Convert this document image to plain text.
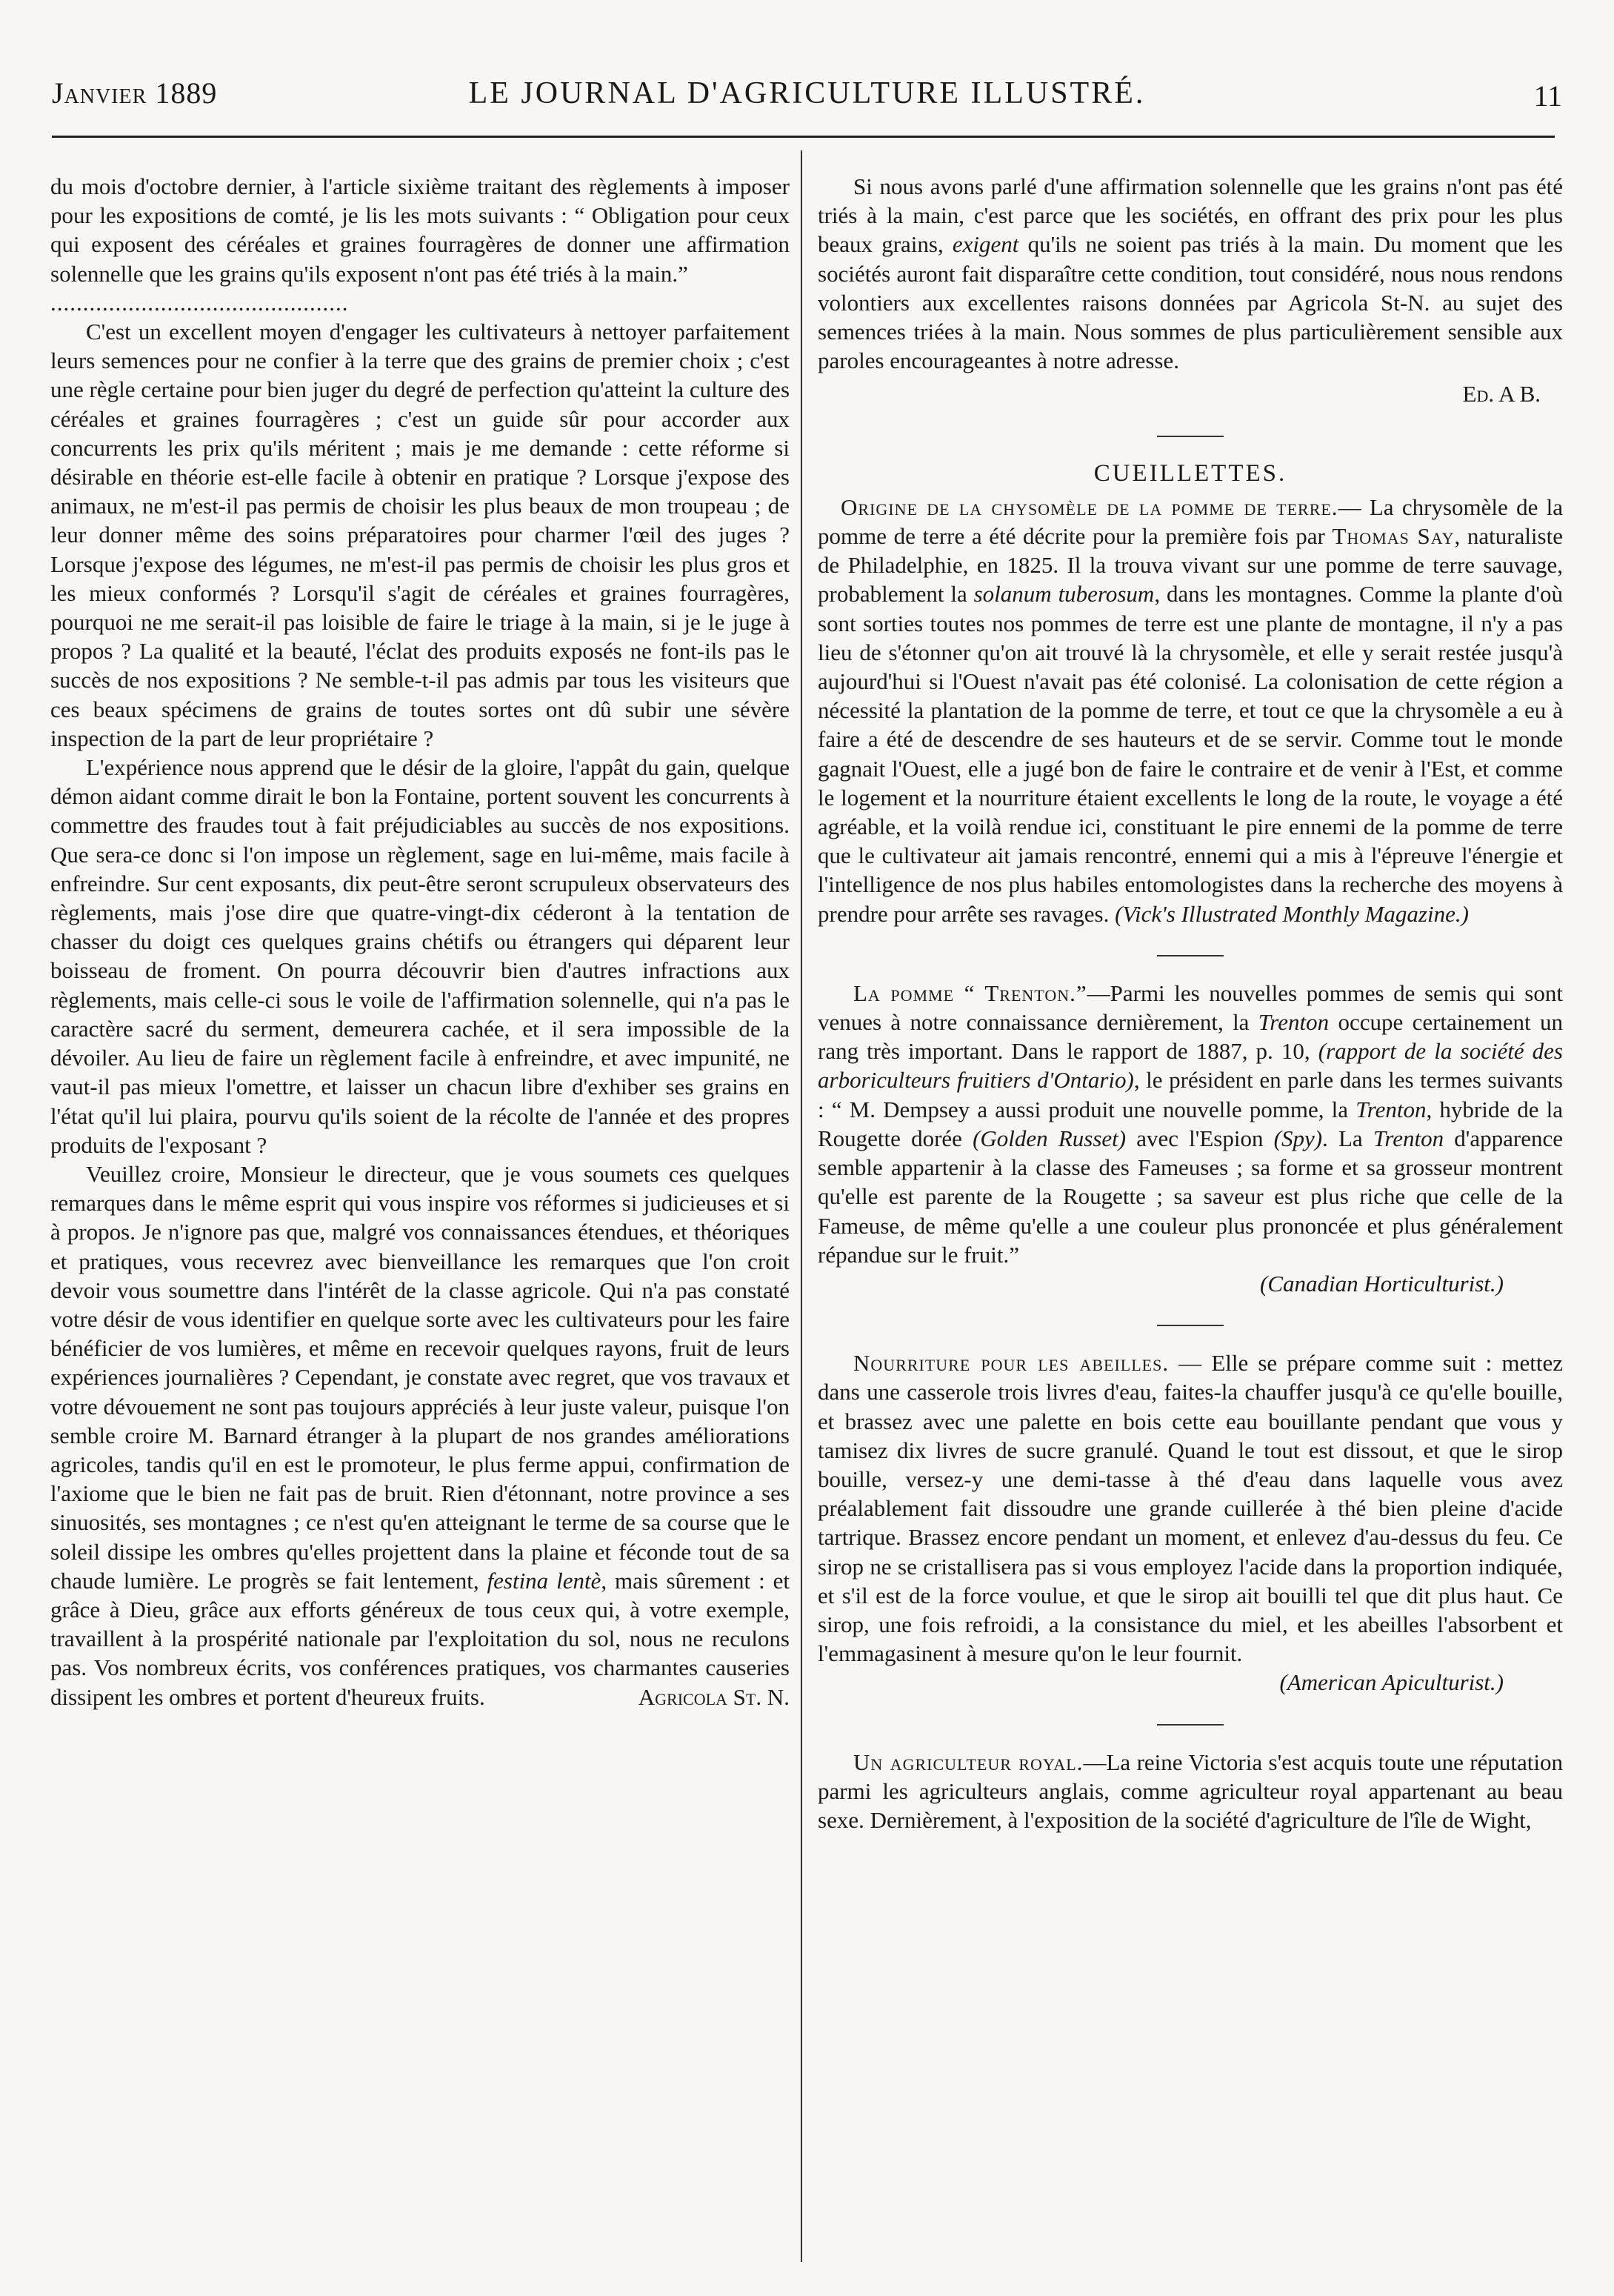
Janvier 1889	LE JOURNAL D'AGRICULTURE ILLUSTRÉ.	11

du mois d'octobre dernier, à l'article sixième traitant des règlements à imposer pour les expositions de comté, je lis les mots suivants : “ Obligation pour ceux qui exposent des céréales et graines fourragères de donner une affirmation solennelle que les grains qu'ils exposent n'ont pas été triés à la main.”
..............................................

C'est un excellent moyen d'engager les cultivateurs à nettoyer parfaitement leurs semences pour ne confier à la terre que des grains de premier choix ; c'est une règle certaine pour bien juger du degré de perfection qu'atteint la culture des céréales et graines fourragères ; c'est un guide sûr pour accorder aux concurrents les prix qu'ils méritent ; mais je me demande : cette réforme si désirable en théorie est-elle facile à obtenir en pratique ? Lorsque j'expose des animaux, ne m'est-il pas permis de choisir les plus beaux de mon troupeau ; de leur donner même des soins préparatoires pour charmer l'œil des juges ? Lorsque j'expose des légumes, ne m'est-il pas permis de choisir les plus gros et les mieux conformés ? Lorsqu'il s'agit de céréales et graines fourragères, pourquoi ne me serait-il pas loisible de faire le triage à la main, si je le juge à propos ? La qualité et la beauté, l'éclat des produits exposés ne font-ils pas le succès de nos expositions ? Ne semble-t-il pas admis par tous les visiteurs que ces beaux spécimens de grains de toutes sortes ont dû subir une sévère inspection de la part de leur propriétaire ?

L'expérience nous apprend que le désir de la gloire, l'appât du gain, quelque démon aidant comme dirait le bon la Fontaine, portent souvent les concurrents à commettre des fraudes tout à fait préjudiciables au succès de nos expositions. Que sera-ce donc si l'on impose un règlement, sage en lui-même, mais facile à enfreindre. Sur cent exposants, dix peut-être seront scrupuleux observateurs des règlements, mais j'ose dire que quatre-vingt-dix céderont à la tentation de chasser du doigt ces quelques grains chétifs ou étrangers qui déparent leur boisseau de froment. On pourra découvrir bien d'autres infractions aux règlements, mais celle-ci sous le voile de l'affirmation solennelle, qui n'a pas le caractère sacré du serment, demeurera cachée, et il sera impossible de la dévoiler. Au lieu de faire un règlement facile à enfreindre, et avec impunité, ne vaut-il pas mieux l'omettre, et laisser un chacun libre d'exhiber ses grains en l'état qu'il lui plaira, pourvu qu'ils soient de la récolte de l'année et des propres produits de l'exposant ?

Veuillez croire, Monsieur le directeur, que je vous soumets ces quelques remarques dans le même esprit qui vous inspire vos réformes si judicieuses et si à propos. Je n'ignore pas que, malgré vos connaissances étendues, et théoriques et pratiques, vous recevrez avec bienveillance les remarques que l'on croit devoir vous soumettre dans l'intérêt de la classe agricole. Qui n'a pas constaté votre désir de vous identifier en quelque sorte avec les cultivateurs pour les faire bénéficier de vos lumières, et même en recevoir quelques rayons, fruit de leurs expériences journalières ? Cependant, je constate avec regret, que vos travaux et votre dévouement ne sont pas toujours appréciés à leur juste valeur, puisque l'on semble croire M. Barnard étranger à la plupart de nos grandes améliorations agricoles, tandis qu'il en est le promoteur, le plus ferme appui, confirmation de l'axiome que le bien ne fait pas de bruit. Rien d'étonnant, notre province a ses sinuosités, ses montagnes ; ce n'est qu'en atteignant le terme de sa course que le soleil dissipe les ombres qu'elles projettent dans la plaine et féconde tout de sa chaude lumière. Le progrès se fait lentement, festina lentè, mais sûrement : et grâce à Dieu, grâce aux efforts généreux de tous ceux qui, à votre exemple, travaillent à la prospérité nationale par l'exploitation du sol, nous ne reculons pas. Vos nombreux écrits, vos conférences pratiques, vos charmantes causeries dissipent les ombres et portent d'heureux fruits.	Agricola St. N.

Si nous avons parlé d'une affirmation solennelle que les grains n'ont pas été triés à la main, c'est parce que les sociétés, en offrant des prix pour les plus beaux grains, exigent qu'ils ne soient pas triés à la main. Du moment que les sociétés auront fait disparaître cette condition, tout considéré, nous nous rendons volontiers aux excellentes raisons données par Agricola St-N. au sujet des semences triées à la main. Nous sommes de plus particulièrement sensible aux paroles encourageantes à notre adresse.

Ed. A B.
CUEILLETTES.

 Origine de la chysomèle de la pomme de terre.— La chrysomèle de la pomme de terre a été décrite pour la première fois par Thomas Say, naturaliste de Philadelphie, en 1825. Il la trouva vivant sur une pomme de terre sauvage, probablement la solanum tuberosum, dans les montagnes. Comme la plante d'où sont sorties toutes nos pommes de terre est une plante de montagne, il n'y a pas lieu de s'étonner qu'on ait trouvé là la chrysomèle, et elle y serait restée jusqu'à aujourd'hui si l'Ouest n'avait pas été colonisé. La colonisation de cette région a nécessité la plantation de la pomme de terre, et tout ce que la chrysomèle a eu à faire a été de descendre de ses hauteurs et de se servir. Comme tout le monde gagnait l'Ouest, elle a jugé bon de faire le contraire et de venir à l'Est, et comme le logement et la nourriture étaient excellents le long de la route, le voyage a été agréable, et la voilà rendue ici, constituant le pire ennemi de la pomme de terre que le cultivateur ait jamais rencontré, ennemi qui a mis à l'épreuve l'énergie et l'intelligence de nos plus habiles entomologistes dans la recherche des moyens à prendre pour arrête ses ravages. (Vick's Illustrated Monthly Magazine.)

La pomme “ Trenton.”—Parmi les nouvelles pommes de semis qui sont venues à notre connaissance dernièrement, la Trenton occupe certainement un rang très important. Dans le rapport de 1887, p. 10, (rapport de la société des arboriculteurs fruitiers d'Ontario), le président en parle dans les termes suivants : “ M. Dempsey a aussi produit une nouvelle pomme, la Trenton, hybride de la Rougette dorée (Golden Russet) avec l'Espion (Spy). La Trenton d'apparence semble appartenir à la classe des Fameuses ; sa forme et sa grosseur montrent qu'elle est parente de la Rougette ; sa saveur est plus riche que celle de la Fameuse, de même qu'elle a une couleur plus prononcée et plus généralement répandue sur le fruit.”

(Canadian Horticulturist.)

Nourriture pour les abeilles. — Elle se prépare comme suit : mettez dans une casserole trois livres d'eau, faites-la chauffer jusqu'à ce qu'elle bouille, et brassez avec une palette en bois cette eau bouillante pendant que vous y tamisez dix livres de sucre granulé. Quand le tout est dissout, et que le sirop bouille, versez-y une demi-tasse à thé d'eau dans laquelle vous avez préalablement fait dissoudre une grande cuillerée à thé bien pleine d'acide tartrique. Brassez encore pendant un moment, et enlevez d'au-dessus du feu. Ce sirop ne se cristallisera pas si vous employez l'acide dans la proportion indiquée, et s'il est de la force voulue, et que le sirop ait bouilli tel que dit plus haut. Ce sirop, une fois refroidi, a la consistance du miel, et les abeilles l'absorbent et l'emmagasinent à mesure qu'on le leur fournit.

(American Apiculturist.)

Un agriculteur royal.—La reine Victoria s'est acquis toute une réputation parmi les agriculteurs anglais, comme agriculteur royal appartenant au beau sexe. Dernièrement, à l'exposition de la société d'agriculture de l'île de Wight,
